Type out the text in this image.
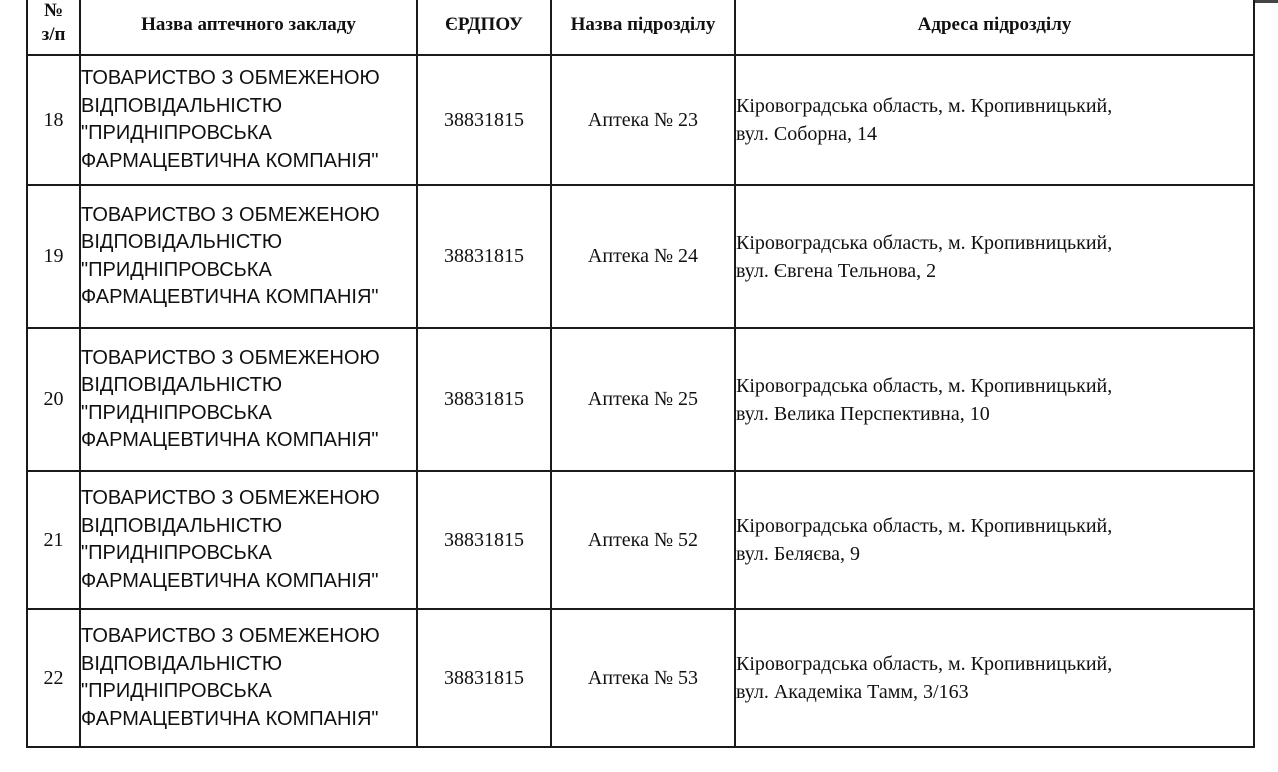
№
з/п	Назва аптечного закладу	ЄРДПОУ	Назва підрозділу	Адреса підрозділу
18	ТОВАРИСТВО З ОБМЕЖЕНОЮ
ВІДПОВІДАЛЬНІСТЮ
"ПРИДНІПРОВСЬКА
ФАРМАЦЕВТИЧНА КОМПАНІЯ"	38831815	Аптека № 23	Кіровоградська область, м. Кропивницький,
вул. Соборна, 14

19	ТОВАРИСТВО З ОБМЕЖЕНОЮ
ВІДПОВІДАЛЬНІСТЮ
"ПРИДНІПРОВСЬКА
ФАРМАЦЕВТИЧНА КОМПАНІЯ"	38831815	Аптека № 24	Кіровоградська область, м. Кропивницький,
вул. Євгена Тельнова, 2

20	ТОВАРИСТВО З ОБМЕЖЕНОЮ
ВІДПОВІДАЛЬНІСТЮ
"ПРИДНІПРОВСЬКА
ФАРМАЦЕВТИЧНА КОМПАНІЯ"	38831815	Аптека № 25	Кіровоградська область, м. Кропивницький,
вул. Велика Перспективна, 10

21	ТОВАРИСТВО З ОБМЕЖЕНОЮ
ВІДПОВІДАЛЬНІСТЮ
"ПРИДНІПРОВСЬКА
ФАРМАЦЕВТИЧНА КОМПАНІЯ"	38831815	Аптека № 52	Кіровоградська область, м. Кропивницький,
вул. Беляєва, 9

22	ТОВАРИСТВО З ОБМЕЖЕНОЮ
ВІДПОВІДАЛЬНІСТЮ
"ПРИДНІПРОВСЬКА
ФАРМАЦЕВТИЧНА КОМПАНІЯ"	38831815	Аптека № 53	Кіровоградська область, м. Кропивницький,
вул. Академіка Тамм, 3/163
